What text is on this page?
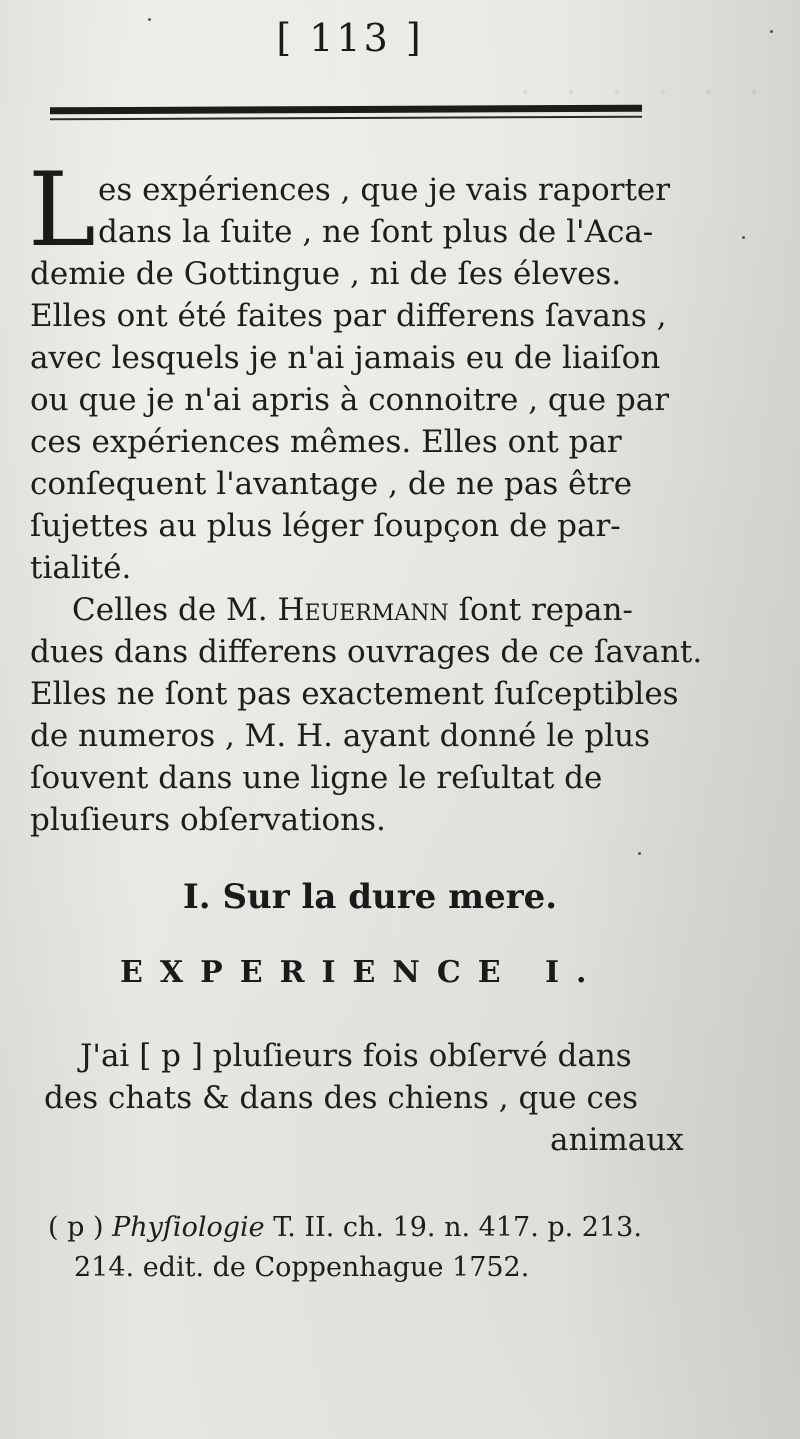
.   .   .   .   .   .

[ 113 ]
L es expériences , que je vais raporter
dans la ſuite , ne ſont plus de l'Aca-
demie de Gottingue , ni de ſes éleves.
Elles ont été faites par differens ſavans ,
avec lesquels je n'ai jamais eu de liaiſon
ou que je n'ai apris à connoitre , que par
ces expériences mêmes. Elles ont par
conſequent l'avantage , de ne pas être
ſujettes au plus léger ſoupçon de par-
tialité.
Celles de M. Heuermann ſont repan-
dues dans differens ouvrages de ce ſavant.
Elles ne ſont pas exactement ſuſceptibles
de numeros , M. H. ayant donné le plus
ſouvent dans une ligne le reſultat de
pluſieurs obſervations.
I. Sur la dure mere.
EXPERIENCE I.
J'ai [ p ] pluſieurs fois obſervé dans
des chats & dans des chiens , que ces
animaux
( p ) Phyſiologie T. II. ch. 19. n. 417. p. 213.
214. edit. de Coppenhague 1752.
